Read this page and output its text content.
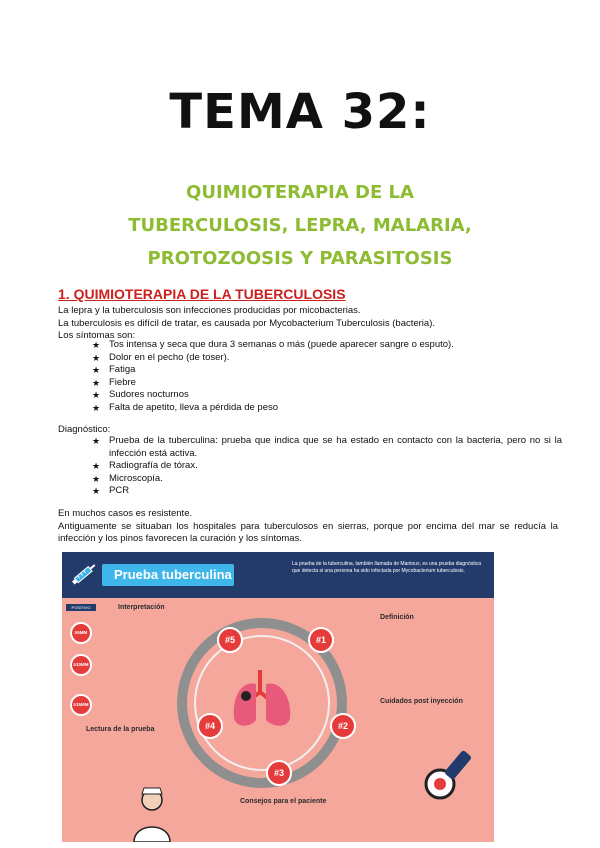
TEMA 32:
QUIMIOTERAPIA DE LA TUBERCULOSIS, LEPRA, MALARIA, PROTOZOOSIS Y PARASITOSIS
1. QUIMIOTERAPIA DE LA TUBERCULOSIS
La lepra y la tuberculosis son infecciones producidas por micobacterias.
La tuberculosis es difícil de tratar, es causada por Mycobacterium Tuberculosis (bacteria).
Los síntomas son:
★ Tos intensa y seca que dura 3 semanas o más (puede aparecer sangre o esputo).
★ Dolor en el pecho (de toser).
★ Fatiga
★ Fiebre
★ Sudores nocturnos
★ Falta de apetito, lleva a pérdida de peso
Diagnóstico:
★ Prueba de la tuberculina: prueba que indica que se ha estado en contacto con la bacteria, pero no si la infección está activa.
★ Radiografía de tórax.
★ Microscopía.
★ PCR
En muchos casos es resistente.
Antiguamente se situaban los hospitales para tuberculosos en sierras, porque por encima del mar se reducía la infección y los pinos favorecen la curación y los síntomas.
Prueba tuberculina
La prueba de la tuberculina, también llamada de Mantoux, es una prueba diagnóstica que detecta si una persona ha sido infectada por Mycobacterium tuberculosis.
POSITIVO	Interpretación
≥5MM
≥10MM
≥15MM
Definición
Cuidados post inyección
Lectura de la prueba
Consejos para el paciente
#1
#2
#3
#4
#5
